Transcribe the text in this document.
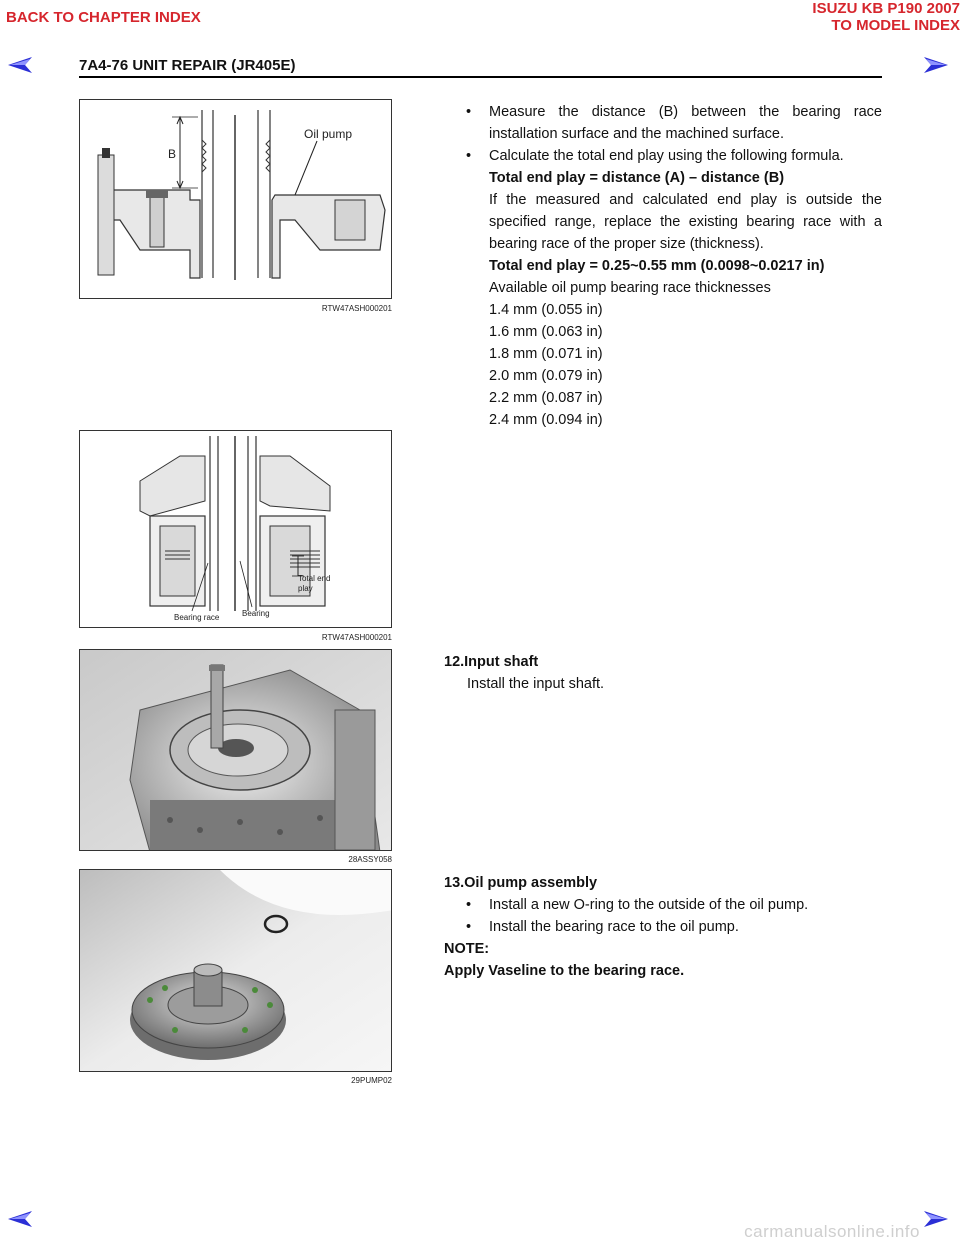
BACK TO CHAPTER INDEX
ISUZU KB P190 2007
TO MODEL INDEX
7A4-76 UNIT REPAIR (JR405E)
B
Oil pump
RTW47ASH000201
Total end
play
Bearing race	Bearing
RTW47ASH000201
28ASSY058
29PUMP02
• Measure the distance (B) between the bearing race installation surface and the machined surface.
• Calculate the total end play using the following formula.
Total end play = distance (A) – distance (B)
If the measured and calculated end play is outside the specified range, replace the existing bearing race with a bearing race of the proper size (thickness).
Total end play = 0.25~0.55 mm (0.0098~0.0217 in)
Available oil pump bearing race thicknesses
1.4 mm (0.055 in)
1.6 mm (0.063 in)
1.8 mm (0.071 in)
2.0 mm (0.079 in)
2.2 mm (0.087 in)
2.4 mm (0.094 in)
12.Input shaft
Install the input shaft.
13.Oil pump assembly
• Install a new O-ring to the outside of the oil pump.
• Install the bearing race to the oil pump.
NOTE:
Apply Vaseline to the bearing race.
carmanualsonline.info
